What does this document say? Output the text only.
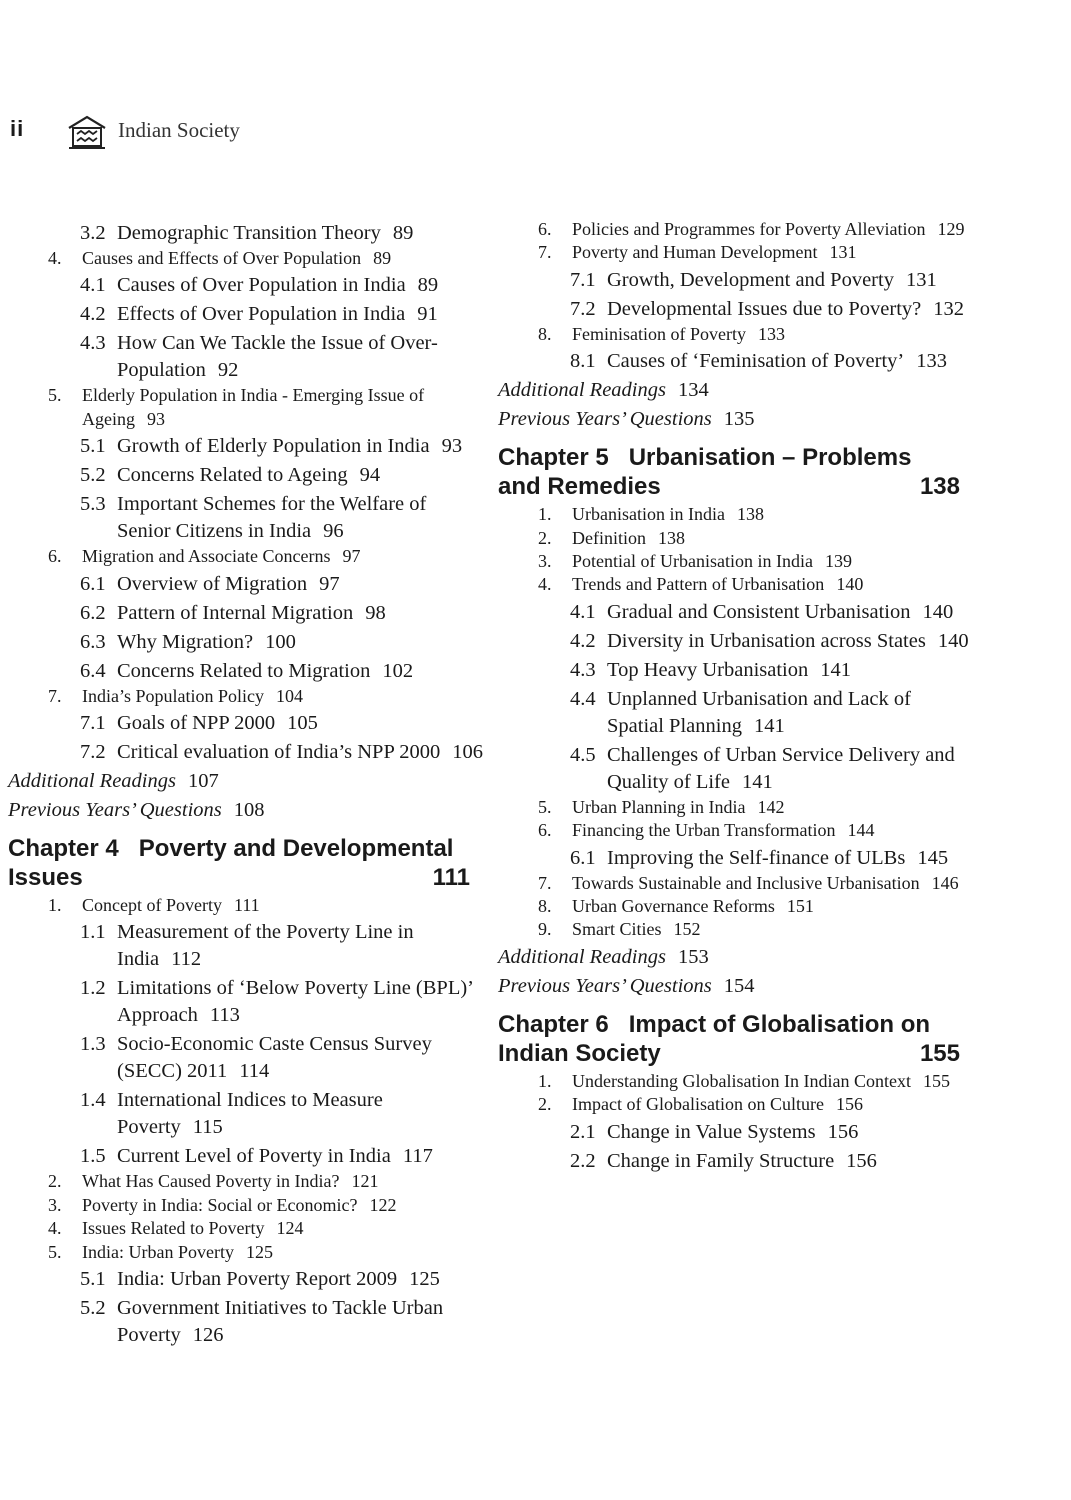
ii	Indian Society
3.2 Demographic Transition Theory 89
4. Causes and Effects of Over Population 89
4.1 Causes of Over Population in India 89
4.2 Effects of Over Population in India 91
4.3 How Can We Tackle the Issue of Over-Population 92
5. Elderly Population in India - Emerging Issue of Ageing 93
5.1 Growth of Elderly Population in India 93
5.2 Concerns Related to Ageing 94
5.3 Important Schemes for the Welfare of Senior Citizens in India 96
6. Migration and Associate Concerns 97
6.1 Overview of Migration 97
6.2 Pattern of Internal Migration 98
6.3 Why Migration? 100
6.4 Concerns Related to Migration 102
7. India’s Population Policy 104
7.1 Goals of NPP 2000 105
7.2 Critical evaluation of India’s NPP 2000 106
Additional Readings 107
Previous Years’ Questions 108
Chapter 4 Poverty and Developmental Issues	111
1. Concept of Poverty 111
1.1 Measurement of the Poverty Line in India 112
1.2 Limitations of ‘Below Poverty Line (BPL)’ Approach 113
1.3 Socio-Economic Caste Census Survey (SECC) 2011 114
1.4 International Indices to Measure Poverty 115
1.5 Current Level of Poverty in India 117
2. What Has Caused Poverty in India? 121
3. Poverty in India: Social or Economic? 122
4. Issues Related to Poverty 124
5. India: Urban Poverty 125
5.1 India: Urban Poverty Report 2009 125
5.2 Government Initiatives to Tackle Urban Poverty 126
6. Policies and Programmes for Poverty Alleviation 129
7. Poverty and Human Development 131
7.1 Growth, Development and Poverty 131
7.2 Developmental Issues due to Poverty? 132
8. Feminisation of Poverty 133
8.1 Causes of ‘Feminisation of Poverty’ 133
Additional Readings 134
Previous Years’ Questions 135
Chapter 5 Urbanisation – Problems and Remedies	138
1. Urbanisation in India 138
2. Definition 138
3. Potential of Urbanisation in India 139
4. Trends and Pattern of Urbanisation 140
4.1 Gradual and Consistent Urbanisation 140
4.2 Diversity in Urbanisation across States 140
4.3 Top Heavy Urbanisation 141
4.4 Unplanned Urbanisation and Lack of Spatial Planning 141
4.5 Challenges of Urban Service Delivery and Quality of Life 141
5. Urban Planning in India 142
6. Financing the Urban Transformation 144
6.1 Improving the Self-finance of ULBs 145
7. Towards Sustainable and Inclusive Urbanisation 146
8. Urban Governance Reforms 151
9. Smart Cities 152
Additional Readings 153
Previous Years’ Questions 154
Chapter 6 Impact of Globalisation on Indian Society	155
1. Understanding Globalisation In Indian Context 155
2. Impact of Globalisation on Culture 156
2.1 Change in Value Systems 156
2.2 Change in Family Structure 156
